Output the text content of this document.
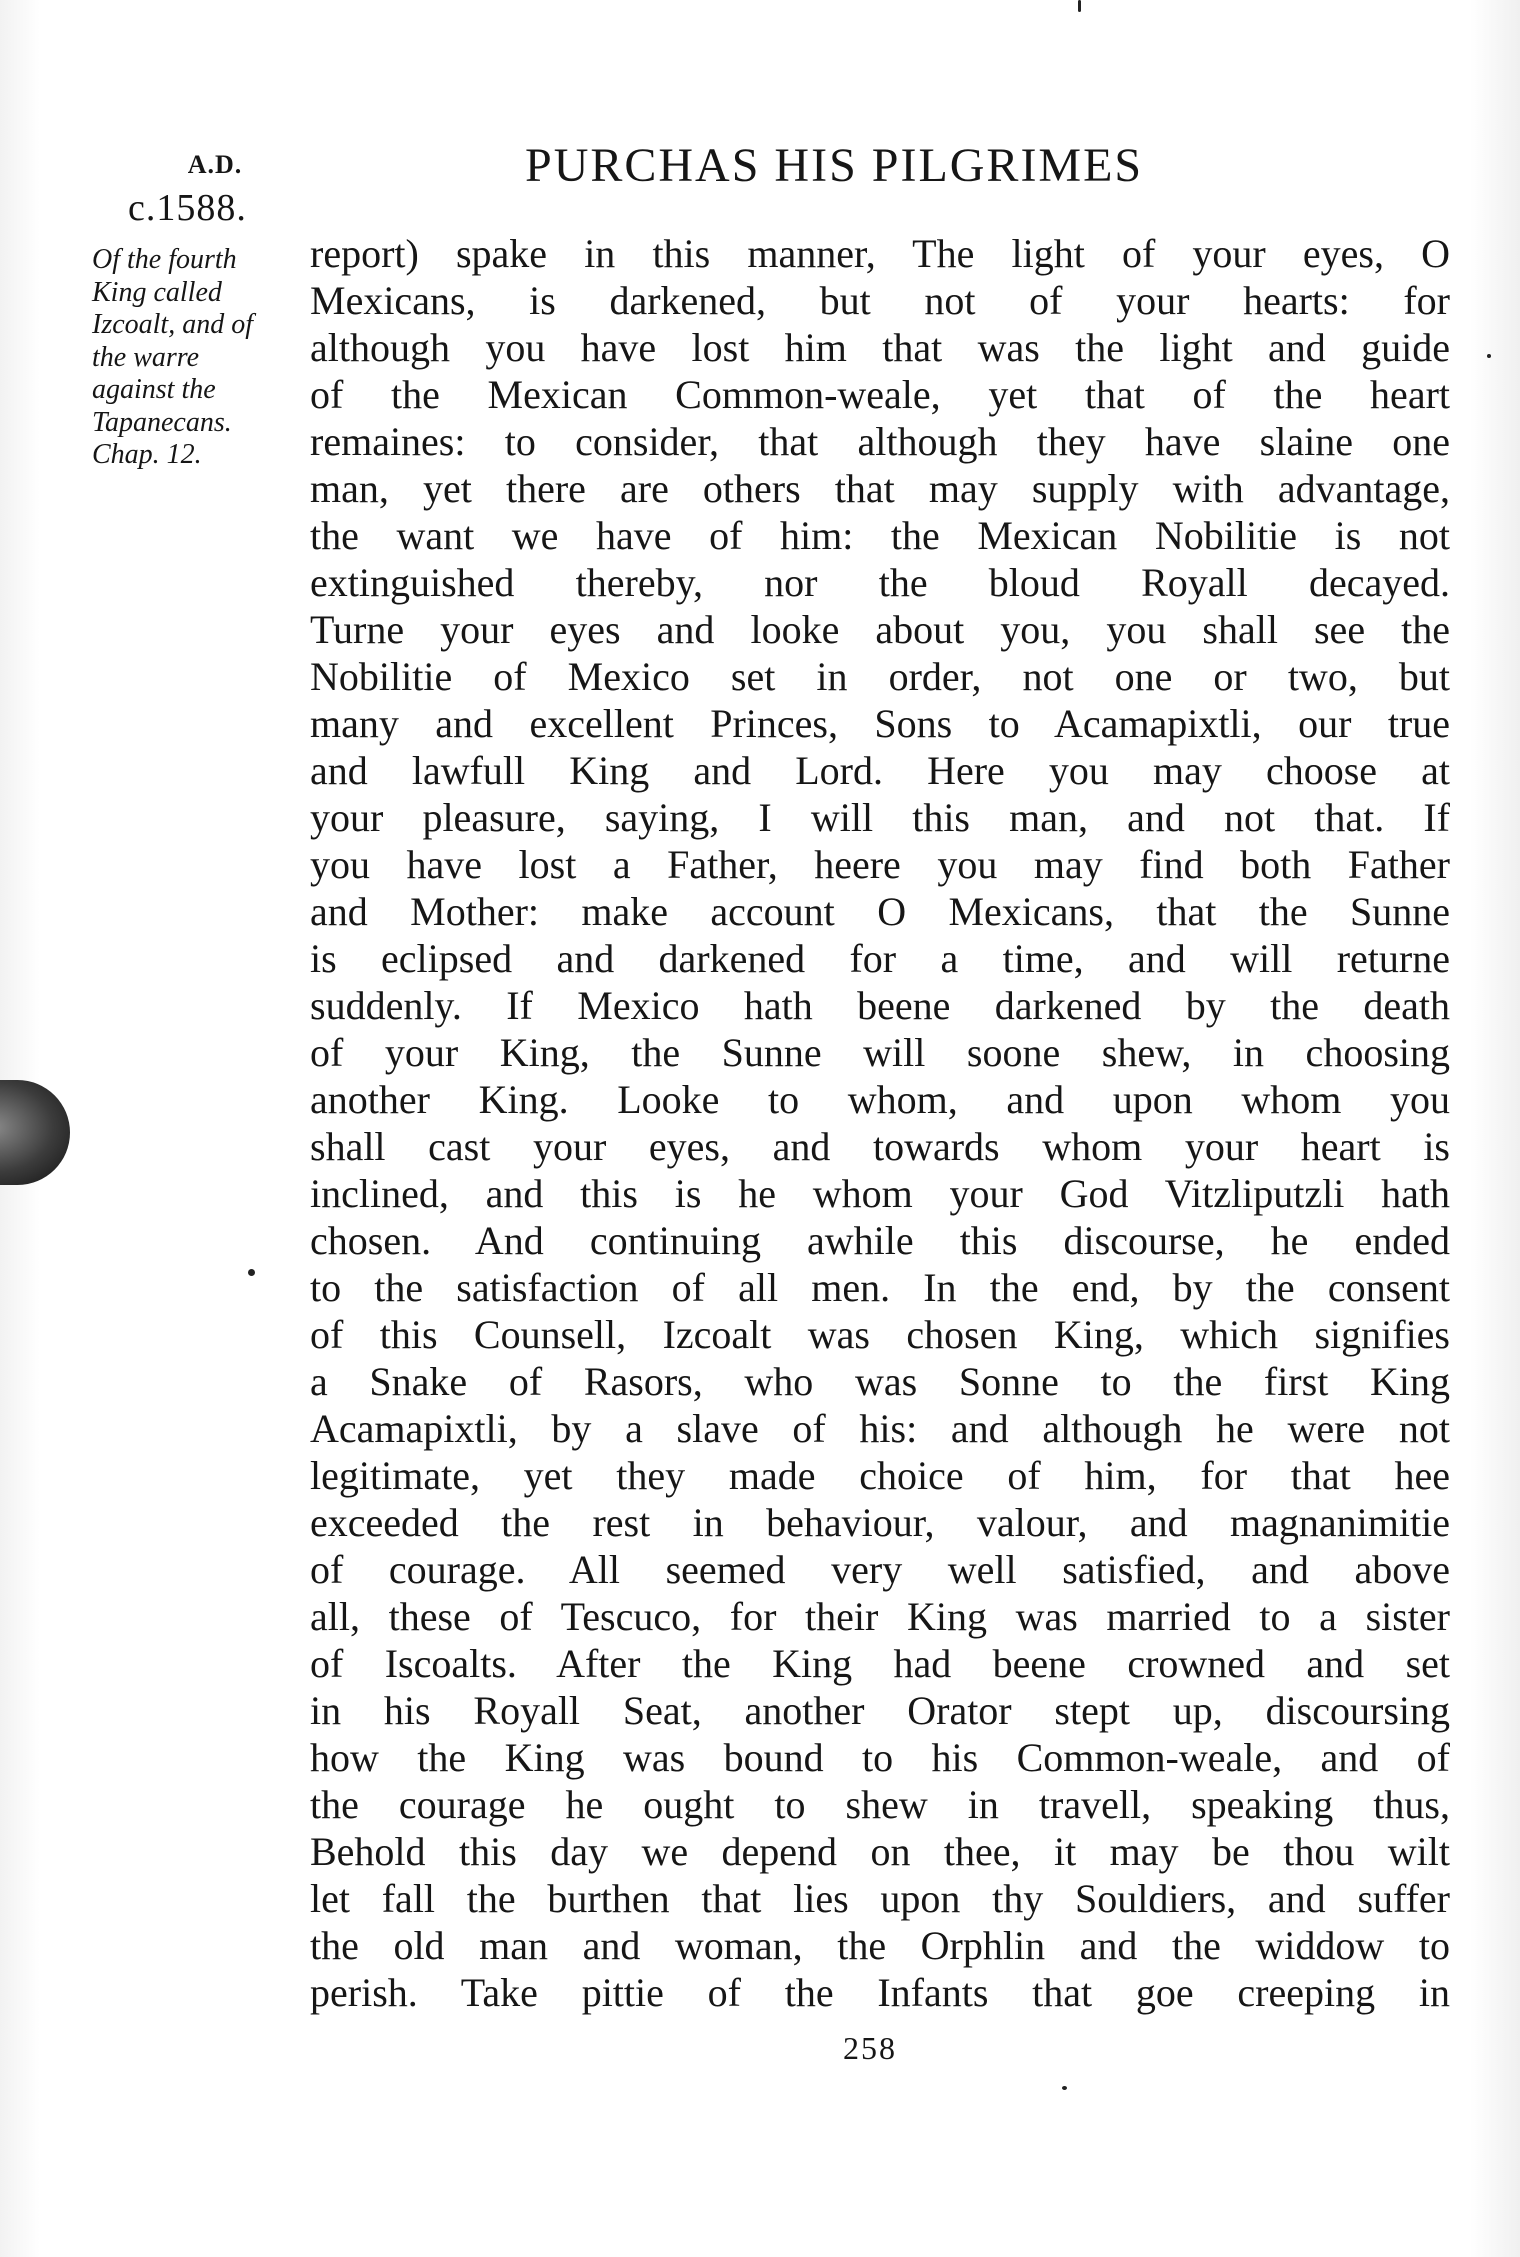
A.D.
c.1588.
PURCHAS HIS PILGRIMES
Of the fourth
King called
Izcoalt, and of
the warre
against the
Tapanecans.
Chap. 12.
report) spake in this manner, The light of your eyes, O
Mexicans, is darkened, but not of your hearts: for
although you have lost him that was the light and guide
of the Mexican Common-weale, yet that of the heart
remaines: to consider, that although they have slaine one
man, yet there are others that may supply with advantage,
the want we have of him: the Mexican Nobilitie is not
extinguished thereby, nor the bloud Royall decayed.
Turne your eyes and looke about you, you shall see the
Nobilitie of Mexico set in order, not one or two, but
many and excellent Princes, Sons to Acamapixtli, our true
and lawfull King and Lord. Here you may choose at
your pleasure, saying, I will this man, and not that. If
you have lost a Father, heere you may find both Father
and Mother: make account O Mexicans, that the Sunne
is eclipsed and darkened for a time, and will returne
suddenly. If Mexico hath beene darkened by the death
of your King, the Sunne will soone shew, in choosing
another King. Looke to whom, and upon whom you
shall cast your eyes, and towards whom your heart is
inclined, and this is he whom your God Vitzliputzli hath
chosen. And continuing awhile this discourse, he ended
to the satisfaction of all men. In the end, by the consent
of this Counsell, Izcoalt was chosen King, which signifies
a Snake of Rasors, who was Sonne to the first King
Acamapixtli, by a slave of his: and although he were not
legitimate, yet they made choice of him, for that hee
exceeded the rest in behaviour, valour, and magnanimitie
of courage. All seemed very well satisfied, and above
all, these of Tescuco, for their King was married to a sister
of Iscoalts. After the King had beene crowned and set
in his Royall Seat, another Orator stept up, discoursing
how the King was bound to his Common-weale, and of
the courage he ought to shew in travell, speaking thus,
Behold this day we depend on thee, it may be thou wilt
let fall the burthen that lies upon thy Souldiers, and suffer
the old man and woman, the Orphlin and the widdow to
perish. Take pittie of the Infants that goe creeping in
258
